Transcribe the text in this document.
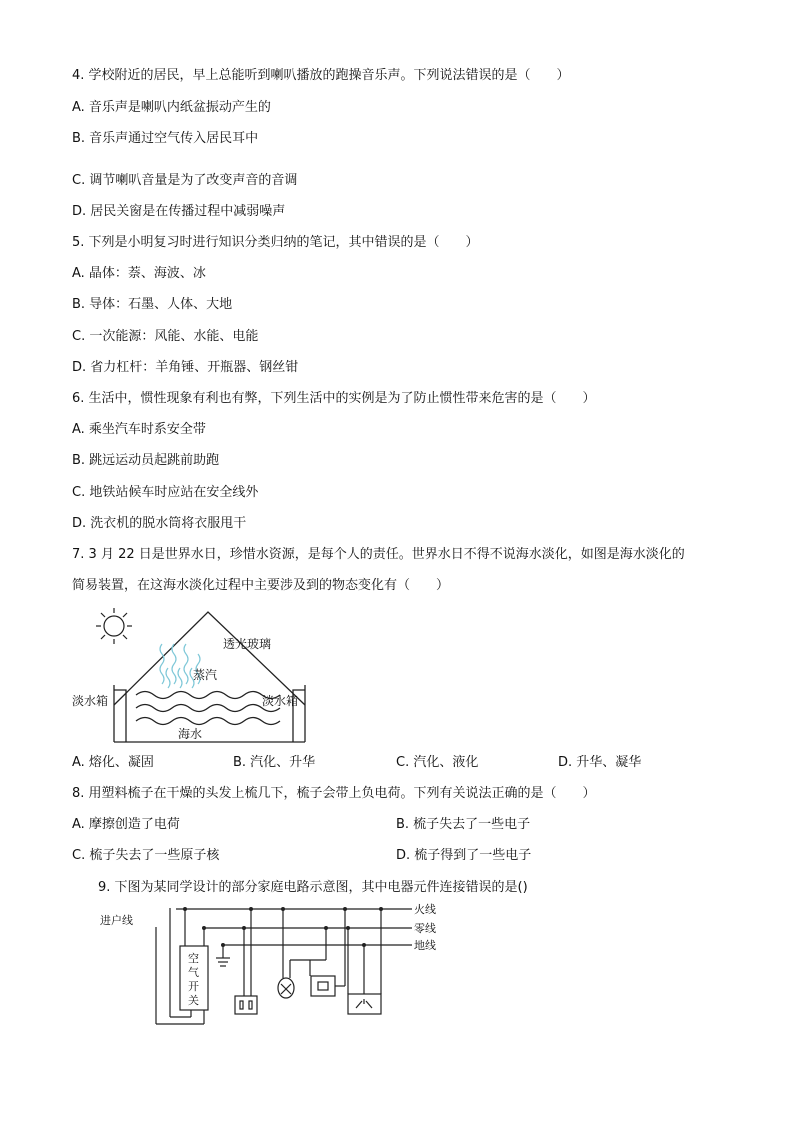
4. 学校附近的居民，早上总能听到喇叭播放的跑操音乐声。下列说法错误的是（　　）
A. 音乐声是喇叭内纸盆振动产生的
B. 音乐声通过空气传入居民耳中
C. 调节喇叭音量是为了改变声音的音调
D. 居民关窗是在传播过程中减弱噪声
5. 下列是小明复习时进行知识分类归纳的笔记，其中错误的是（　　）
A. 晶体：萘、海波、冰
B. 导体：石墨、人体、大地
C. 一次能源：风能、水能、电能
D. 省力杠杆：羊角锤、开瓶器、钢丝钳
6. 生活中，惯性现象有利也有弊，下列生活中的实例是为了防止惯性带来危害的是（　　）
A. 乘坐汽车时系安全带
B. 跳远运动员起跳前助跑
C. 地铁站候车时应站在安全线外
D. 洗衣机的脱水筒将衣服甩干
7. 3 月 22 日是世界水日，珍惜水资源，是每个人的责任。世界水日不得不说海水淡化，如图是海水淡化的
简易装置，在这海水淡化过程中主要涉及到的物态变化有（　　）
透光玻璃
蒸汽
淡水箱	淡水箱
海水
A. 熔化、凝固	B. 汽化、升华	C. 汽化、液化	D. 升华、凝华
8. 用塑料梳子在干燥的头发上梳几下，梳子会带上负电荷。下列有关说法正确的是（　　）
A. 摩擦创造了电荷	B. 梳子失去了一些电子
C. 梳子失去了一些原子核	D. 梳子得到了一些电子
9. 下图为某同学设计的部分家庭电路示意图，其中电器元件连接错误的是()
进户线
火线
零线
地线
空
气
开
关
